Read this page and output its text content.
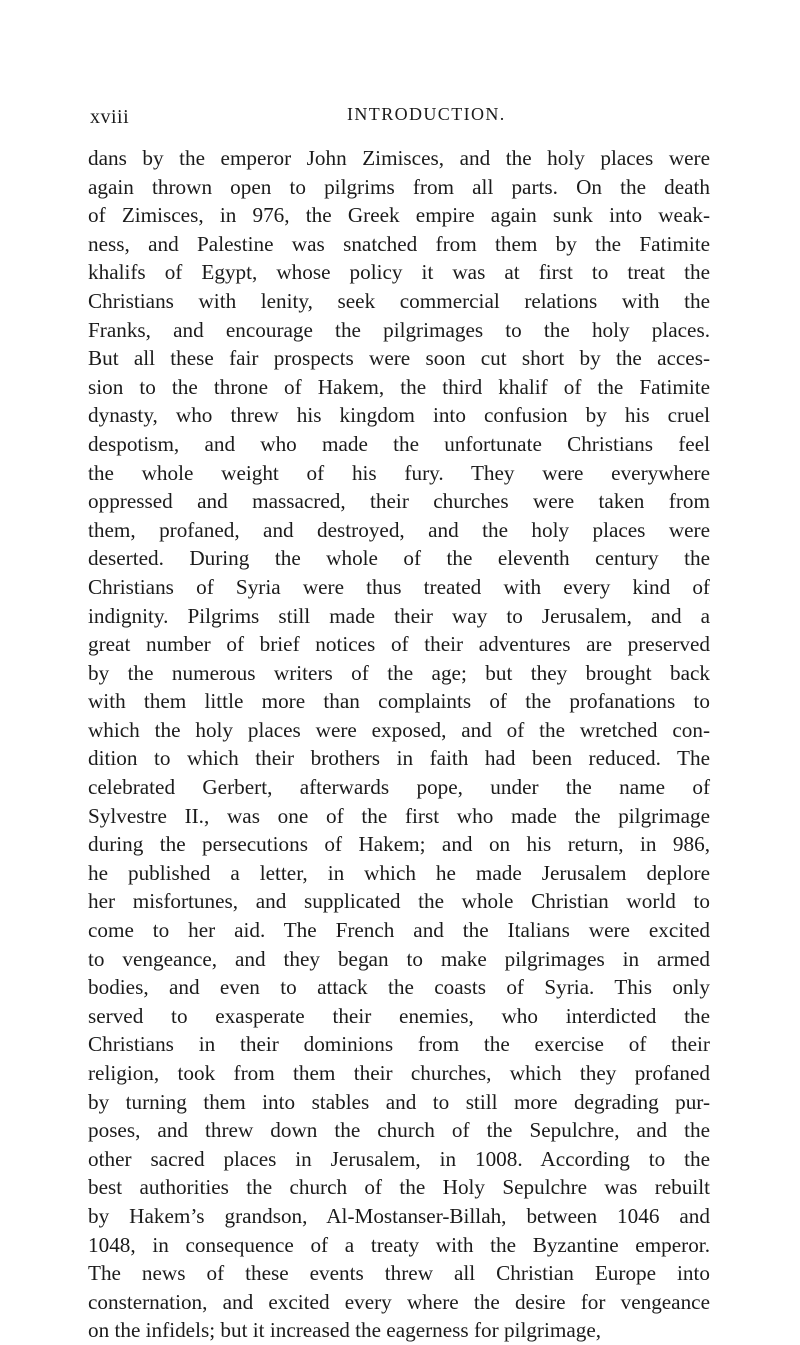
xviii	INTRODUCTION.
dans by the emperor John Zimisces, and the holy places were
again thrown open to pilgrims from all parts. On the death
of Zimisces, in 976, the Greek empire again sunk into weak-
ness, and Palestine was snatched from them by the Fatimite
khalifs of Egypt, whose policy it was at first to treat the
Christians with lenity, seek commercial relations with the
Franks, and encourage the pilgrimages to the holy places.
But all these fair prospects were soon cut short by the acces-
sion to the throne of Hakem, the third khalif of the Fatimite
dynasty, who threw his kingdom into confusion by his cruel
despotism, and who made the unfortunate Christians feel
the whole weight of his fury. They were everywhere
oppressed and massacred, their churches were taken from
them, profaned, and destroyed, and the holy places were
deserted. During the whole of the eleventh century the
Christians of Syria were thus treated with every kind of
indignity. Pilgrims still made their way to Jerusalem, and a
great number of brief notices of their adventures are preserved
by the numerous writers of the age; but they brought back
with them little more than complaints of the profanations to
which the holy places were exposed, and of the wretched con-
dition to which their brothers in faith had been reduced. The
celebrated Gerbert, afterwards pope, under the name of
Sylvestre II., was one of the first who made the pilgrimage
during the persecutions of Hakem; and on his return, in 986,
he published a letter, in which he made Jerusalem deplore
her misfortunes, and supplicated the whole Christian world to
come to her aid. The French and the Italians were excited
to vengeance, and they began to make pilgrimages in armed
bodies, and even to attack the coasts of Syria. This only
served to exasperate their enemies, who interdicted the
Christians in their dominions from the exercise of their
religion, took from them their churches, which they profaned
by turning them into stables and to still more degrading pur-
poses, and threw down the church of the Sepulchre, and the
other sacred places in Jerusalem, in 1008. According to the
best authorities the church of the Holy Sepulchre was rebuilt
by Hakem’s grandson, Al-Mostanser-Billah, between 1046 and
1048, in consequence of a treaty with the Byzantine emperor.
The news of these events threw all Christian Europe into
consternation, and excited every where the desire for vengeance
on the infidels; but it increased the eagerness for pilgrimage,
